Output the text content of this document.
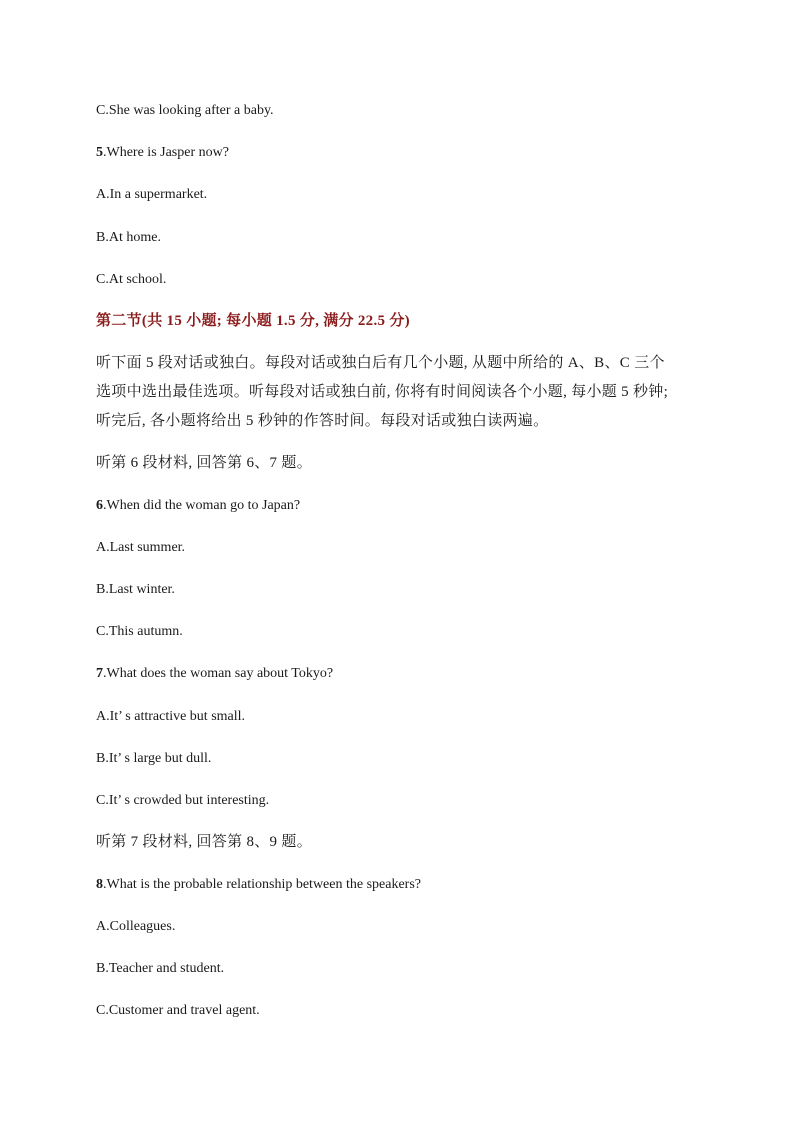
C.She was looking after a baby.
5.Where is Jasper now?
A.In a supermarket.
B.At home.
C.At school.
第二节(共 15 小题; 每小题 1.5 分, 满分 22.5 分)
听下面 5 段对话或独白。每段对话或独白后有几个小题, 从题中所给的 A、B、C 三个
选项中选出最佳选项。听每段对话或独白前, 你将有时间阅读各个小题, 每小题 5 秒钟;
听完后, 各小题将给出 5 秒钟的作答时间。每段对话或独白读两遍。
听第 6 段材料, 回答第 6、7 题。
6.When did the woman go to Japan?
A.Last summer.
B.Last winter.
C.This autumn.
7.What does the woman say about Tokyo?
A.It’ s attractive but small.
B.It’ s large but dull.
C.It’ s crowded but interesting.
听第 7 段材料, 回答第 8、9 题。
8.What is the probable relationship between the speakers?
A.Colleagues.
B.Teacher and student.
C.Customer and travel agent.
